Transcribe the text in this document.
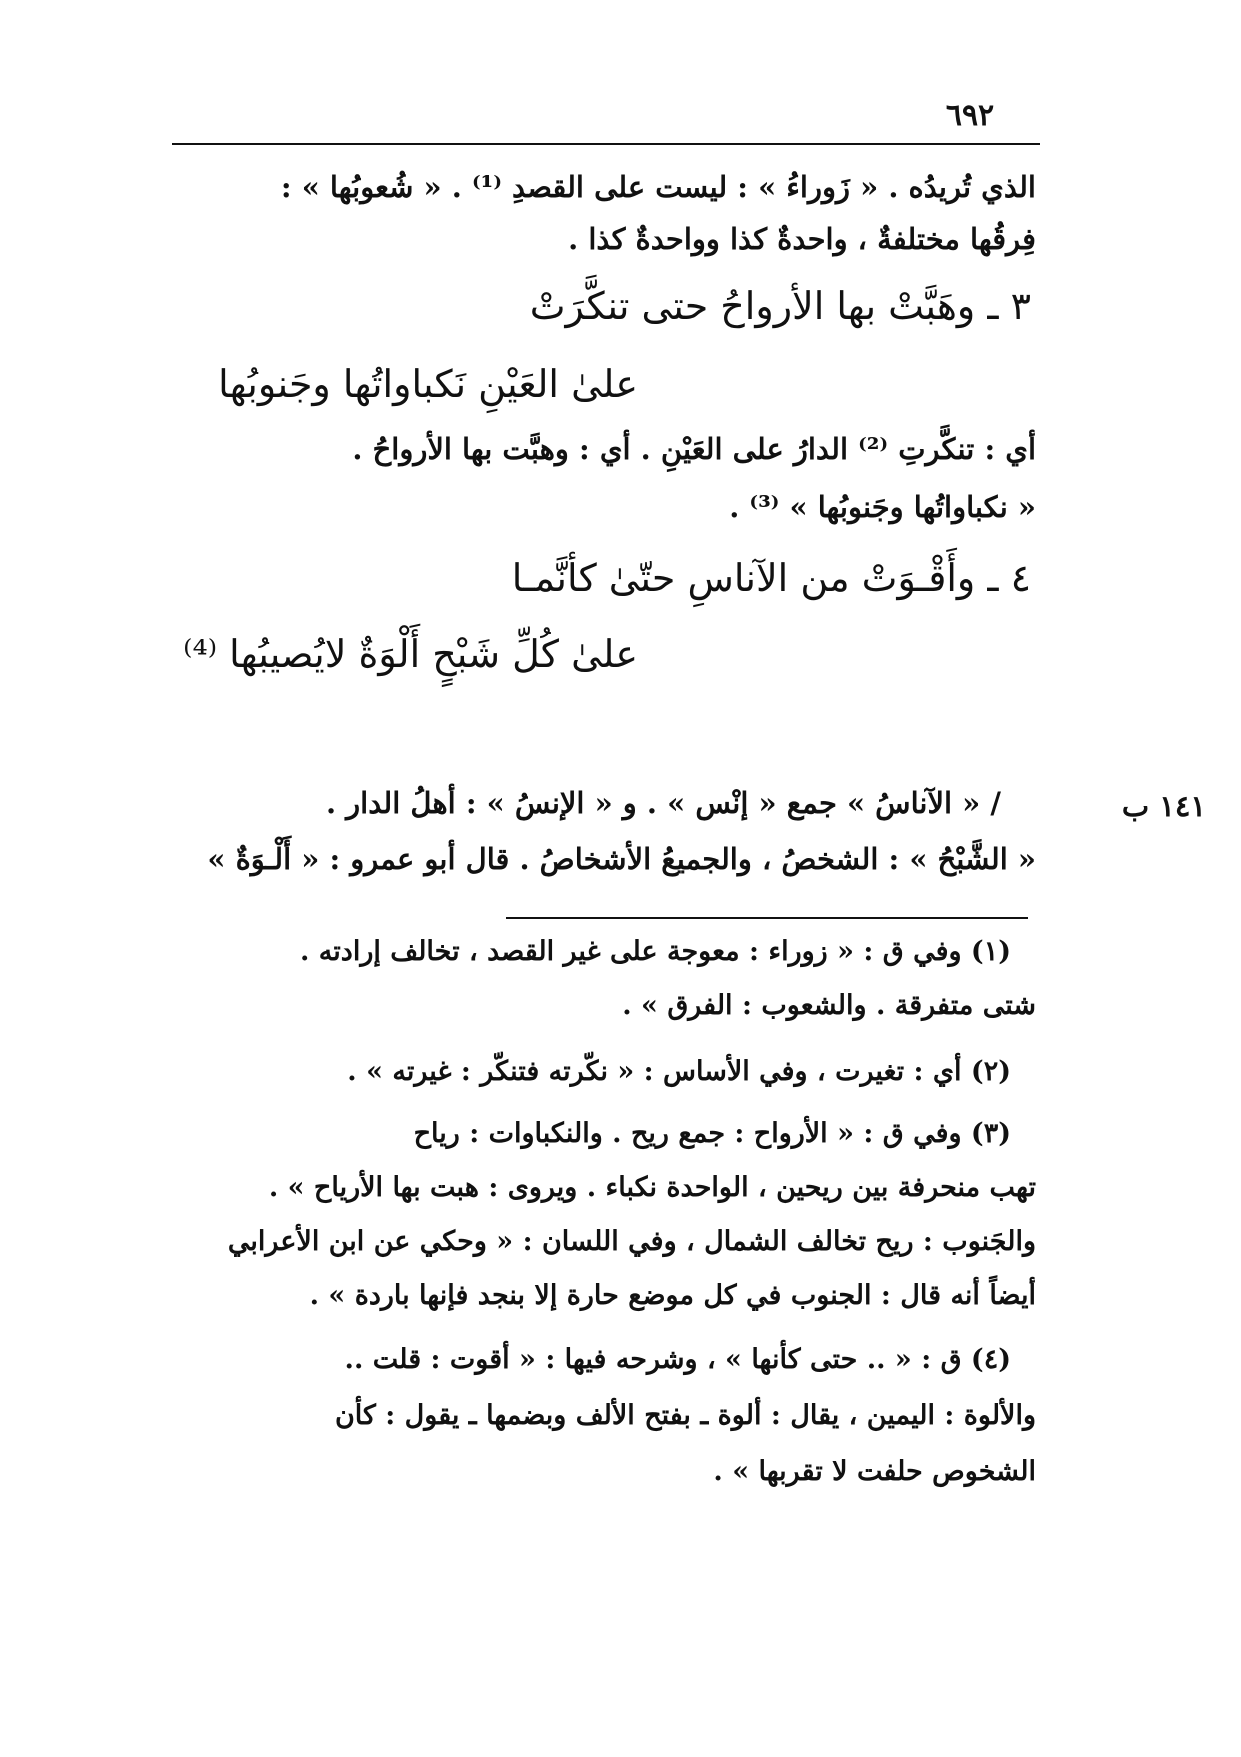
٦٩٢
الذي تُريدُه . « زَوراءُ » : ليست على القصدِ ⁽¹⁾ . « شُعوبُها » :
فِرقُها مختلفةٌ ، واحدةٌ كذا وواحدةٌ كذا .
٣ ـ وهَبَّتْ بها الأرواحُ حتى تنكَّرَتْ
علىٰ العَيْنِ نَكباواتُها وجَنوبُها
أي : تنكَّرتِ ⁽²⁾ الدارُ على العَيْنِ . أي : وهبَّت بها الأرواحُ .
« نكباواتُها وجَنوبُها » ⁽³⁾ .
٤ ـ وأَقْـوَتْ من الآناسِ حتّىٰ كأنَّمـا
علىٰ كُلِّ شَبْحٍ أَلْوَةٌ لايُصيبُها ⁽⁴⁾
/ « الآناسُ » جمع « إنْس » . و « الإنسُ » : أهلُ الدار .
« الشَّبْحُ » : الشخصُ ، والجميعُ الأشخاصُ . قال أبو عمرو : « أَلْـوَةٌ »
١٤١ ب
(١) وفي ق : « زوراء : معوجة على غير القصد ، تخالف إرادته .
شتى متفرقة . والشعوب : الفرق » .
(٢) أي : تغيرت ، وفي الأساس : « نكّرته فتنكّر : غيرته » .
(٣) وفي ق : « الأرواح : جمع ريح . والنكباوات : رياح
تهب منحرفة بين ريحين ، الواحدة نكباء . ويروى : هبت بها الأرياح » .
والجَنوب : ريح تخالف الشمال ، وفي اللسان : « وحكي عن ابن الأعرابي
أيضاً أنه قال : الجنوب في كل موضع حارة إلا بنجد فإنها باردة » .
(٤) ق : « .. حتى كأنها » ، وشرحه فيها : « أقوت : قلت ..
والألوة : اليمين ، يقال : ألوة ـ بفتح الألف وبضمها ـ يقول : كأن
الشخوص حلفت لا تقربها » .
